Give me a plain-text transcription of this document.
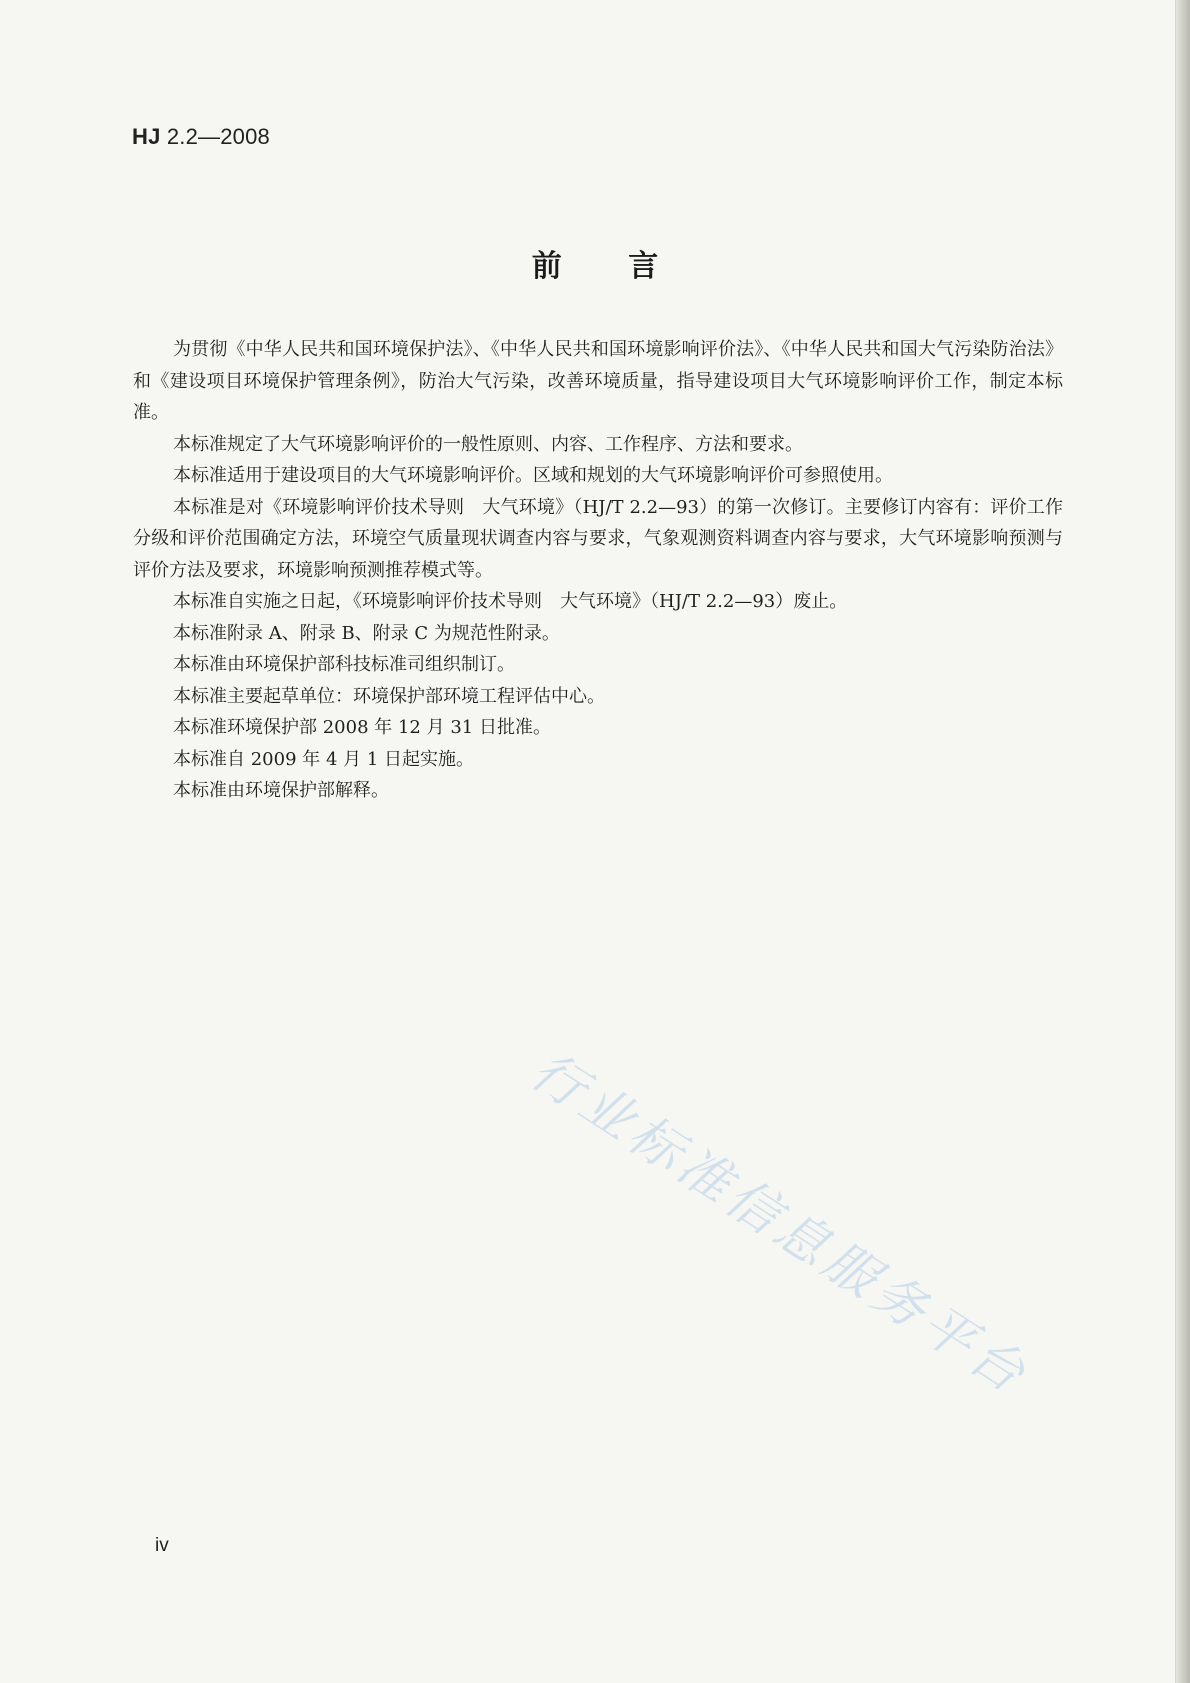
HJ 2.2—2008
前 言

为贯彻《中华人民共和国环境保护法》、《中华人民共和国环境影响评价法》、《中华人民共和国大气污染防治法》和《建设项目环境保护管理条例》，防治大气污染，改善环境质量，指导建设项目大气环境影响评价工作，制定本标准。

本标准规定了大气环境影响评价的一般性原则、内容、工作程序、方法和要求。

本标准适用于建设项目的大气环境影响评价。区域和规划的大气环境影响评价可参照使用。

本标准是对《环境影响评价技术导则　大气环境》（HJ/T 2.2—93）的第一次修订。主要修订内容有：评价工作分级和评价范围确定方法，环境空气质量现状调查内容与要求，气象观测资料调查内容与要求，大气环境影响预测与评价方法及要求，环境影响预测推荐模式等。

本标准自实施之日起，《环境影响评价技术导则　大气环境》（HJ/T 2.2—93）废止。

本标准附录 A、附录 B、附录 C 为规范性附录。

本标准由环境保护部科技标准司组织制订。

本标准主要起草单位：环境保护部环境工程评估中心。

本标准环境保护部 2008 年 12 月 31 日批准。

本标准自 2009 年 4 月 1 日起实施。

本标准由环境保护部解释。

行业标准信息服务平台
iv
